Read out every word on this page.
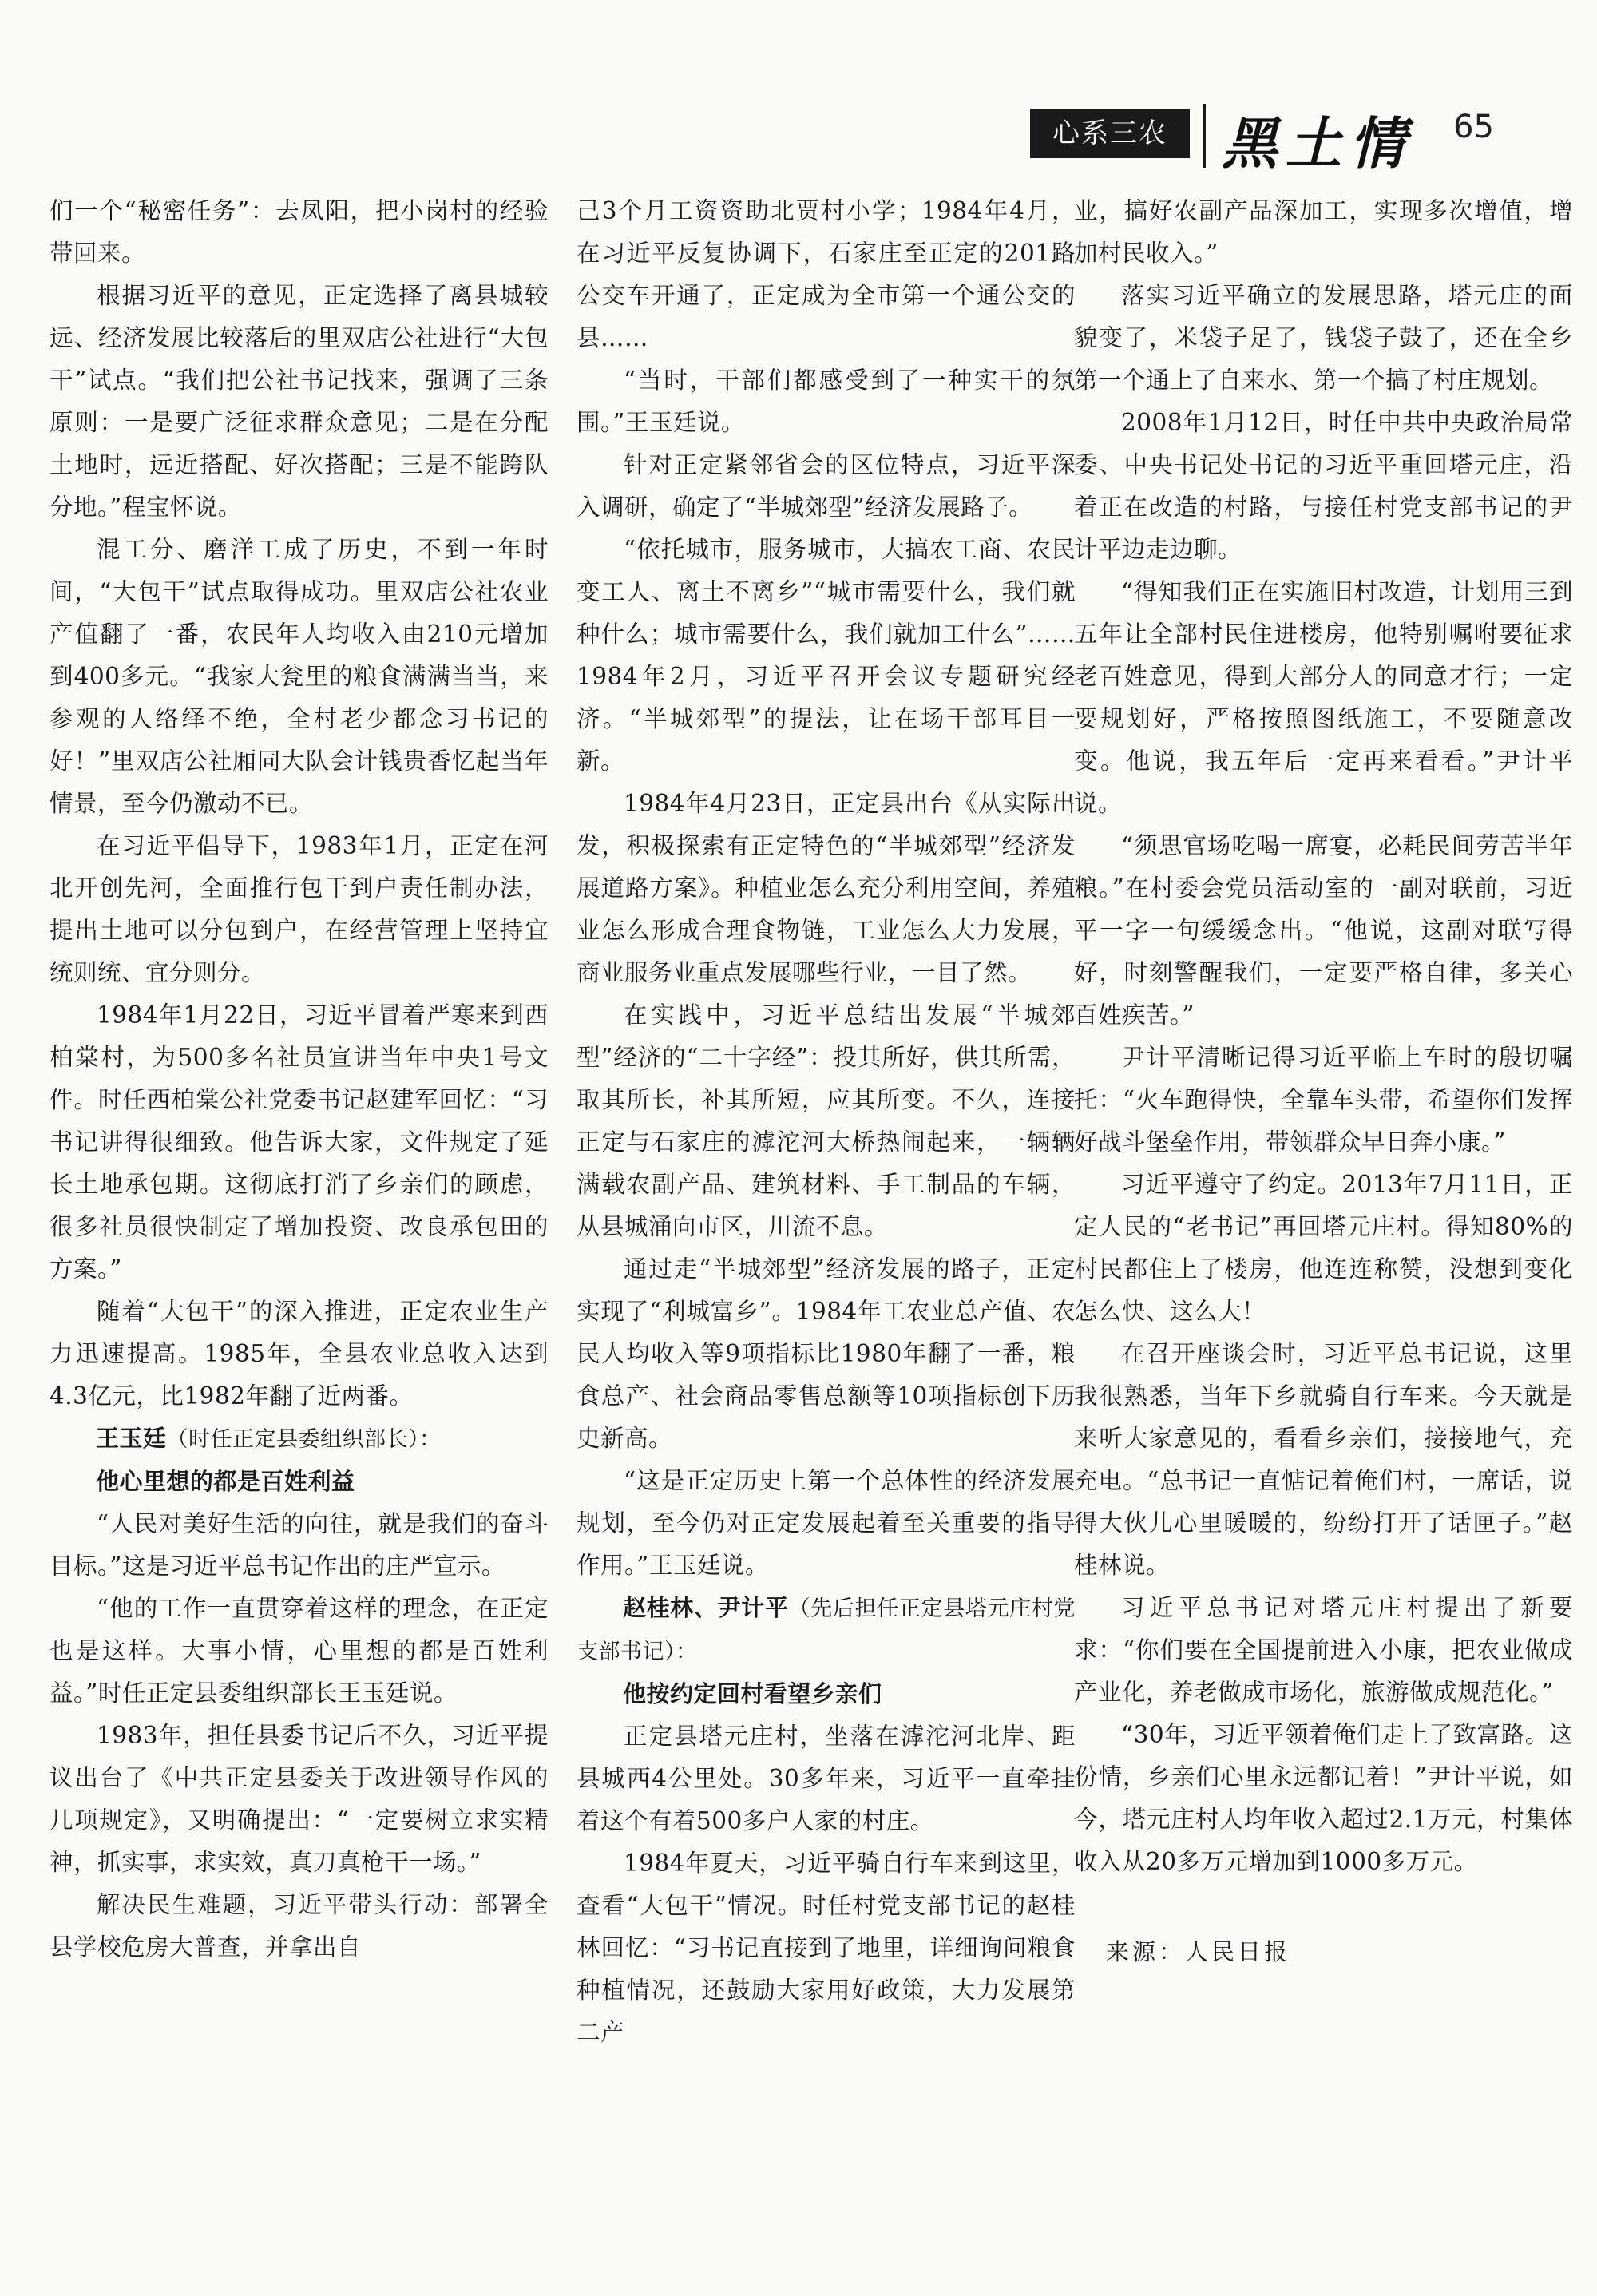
心系三农 黑土情 65

们一个“秘密任务”：去凤阳，把小岗村的经验带回来。

根据习近平的意见，正定选择了离县城较远、经济发展比较落后的里双店公社进行“大包干”试点。“我们把公社书记找来，强调了三条原则：一是要广泛征求群众意见；二是在分配土地时，远近搭配、好次搭配；三是不能跨队分地。”程宝怀说。

混工分、磨洋工成了历史，不到一年时间，“大包干”试点取得成功。里双店公社农业产值翻了一番，农民年人均收入由210元增加到400多元。“我家大瓮里的粮食满满当当，来参观的人络绎不绝，全村老少都念习书记的好！”里双店公社厢同大队会计钱贵香忆起当年情景，至今仍激动不已。

在习近平倡导下，1983年1月，正定在河北开创先河，全面推行包干到户责任制办法，提出土地可以分包到户，在经营管理上坚持宜统则统、宜分则分。

1984年1月22日，习近平冒着严寒来到西柏棠村，为500多名社员宣讲当年中央1号文件。时任西柏棠公社党委书记赵建军回忆：“习书记讲得很细致。他告诉大家，文件规定了延长土地承包期。这彻底打消了乡亲们的顾虑，很多社员很快制定了增加投资、改良承包田的方案。”

随着“大包干”的深入推进，正定农业生产力迅速提高。1985年，全县农业总收入达到4.3亿元，比1982年翻了近两番。

王玉廷（时任正定县委组织部长）：

他心里想的都是百姓利益

“人民对美好生活的向往，就是我们的奋斗目标。”这是习近平总书记作出的庄严宣示。

“他的工作一直贯穿着这样的理念，在正定也是这样。大事小情，心里想的都是百姓利益。”时任正定县委组织部长王玉廷说。

1983年，担任县委书记后不久，习近平提议出台了《中共正定县委关于改进领导作风的几项规定》，又明确提出：“一定要树立求实精神，抓实事，求实效，真刀真枪干一场。”

解决民生难题，习近平带头行动：部署全县学校危房大普查，并拿出自

己3个月工资资助北贾村小学；1984年4月，在习近平反复协调下，石家庄至正定的201路公交车开通了，正定成为全市第一个通公交的县……

“当时，干部们都感受到了一种实干的氛围。”王玉廷说。

针对正定紧邻省会的区位特点，习近平深入调研，确定了“半城郊型”经济发展路子。

“依托城市，服务城市，大搞农工商、农民变工人、离土不离乡”“城市需要什么，我们就种什么；城市需要什么，我们就加工什么”……1984年2月，习近平召开会议专题研究经济。“半城郊型”的提法，让在场干部耳目一新。

1984年4月23日，正定县出台《从实际出发，积极探索有正定特色的“半城郊型”经济发展道路方案》。种植业怎么充分利用空间，养殖业怎么形成合理食物链，工业怎么大力发展，商业服务业重点发展哪些行业，一目了然。

在实践中，习近平总结出发展“半城郊型”经济的“二十字经”：投其所好，供其所需，取其所长，补其所短，应其所变。不久，连接正定与石家庄的滹沱河大桥热闹起来，一辆辆满载农副产品、建筑材料、手工制品的车辆，从县城涌向市区，川流不息。

通过走“半城郊型”经济发展的路子，正定实现了“利城富乡”。1984年工农业总产值、农民人均收入等9项指标比1980年翻了一番，粮食总产、社会商品零售总额等10项指标创下历史新高。

“这是正定历史上第一个总体性的经济发展规划，至今仍对正定发展起着至关重要的指导作用。”王玉廷说。

赵桂林、尹计平（先后担任正定县塔元庄村党支部书记）：

他按约定回村看望乡亲们

正定县塔元庄村，坐落在滹沱河北岸、距县城西4公里处。30多年来，习近平一直牵挂着这个有着500多户人家的村庄。

1984年夏天，习近平骑自行车来到这里，查看“大包干”情况。时任村党支部书记的赵桂林回忆：“习书记直接到了地里，详细询问粮食种植情况，还鼓励大家用好政策，大力发展第二产

业，搞好农副产品深加工，实现多次增值，增加村民收入。”

落实习近平确立的发展思路，塔元庄的面貌变了，米袋子足了，钱袋子鼓了，还在全乡第一个通上了自来水、第一个搞了村庄规划。

2008年1月12日，时任中共中央政治局常委、中央书记处书记的习近平重回塔元庄，沿着正在改造的村路，与接任村党支部书记的尹计平边走边聊。

“得知我们正在实施旧村改造，计划用三到五年让全部村民住进楼房，他特别嘱咐要征求老百姓意见，得到大部分人的同意才行；一定要规划好，严格按照图纸施工，不要随意改变。他说，我五年后一定再来看看。”尹计平说。

“须思官场吃喝一席宴，必耗民间劳苦半年粮。”在村委会党员活动室的一副对联前，习近平一字一句缓缓念出。“他说，这副对联写得好，时刻警醒我们，一定要严格自律，多关心百姓疾苦。”

尹计平清晰记得习近平临上车时的殷切嘱托：“火车跑得快，全靠车头带，希望你们发挥好战斗堡垒作用，带领群众早日奔小康。”

习近平遵守了约定。2013年7月11日，正定人民的“老书记”再回塔元庄村。得知80%的村民都住上了楼房，他连连称赞，没想到变化怎么快、这么大！

在召开座谈会时，习近平总书记说，这里我很熟悉，当年下乡就骑自行车来。今天就是来听大家意见的，看看乡亲们，接接地气，充充电。“总书记一直惦记着俺们村，一席话，说得大伙儿心里暖暖的，纷纷打开了话匣子。”赵桂林说。

习近平总书记对塔元庄村提出了新要求：“你们要在全国提前进入小康，把农业做成产业化，养老做成市场化，旅游做成规范化。”

“30年，习近平领着俺们走上了致富路。这份情，乡亲们心里永远都记着！”尹计平说，如今，塔元庄村人均年收入超过2.1万元，村集体收入从20多万元增加到1000多万元。

来源：人民日报
